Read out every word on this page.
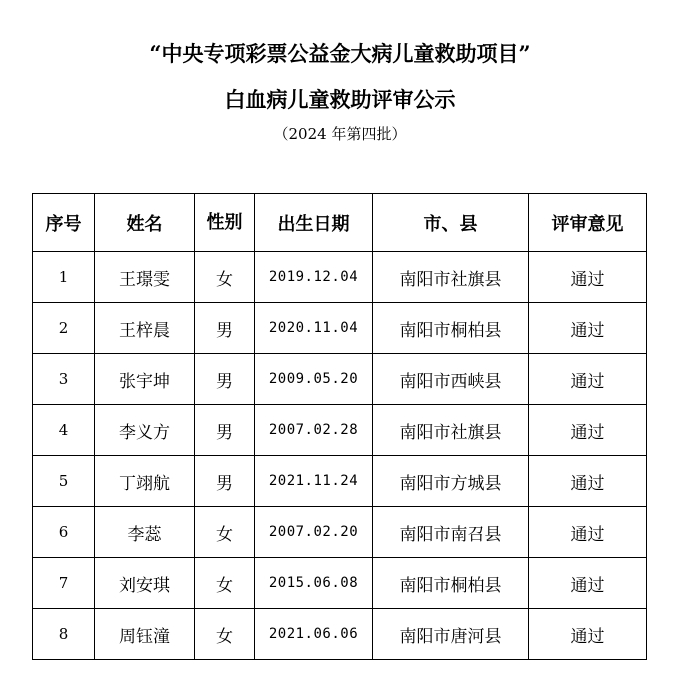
“中央专项彩票公益金大病儿童救助项目”
白血病儿童救助评审公示
（2024 年第四批）
序号	姓名	性别	出生日期	市、县	评审意见
1	王璟雯	女	2019.12.04	南阳市社旗县	通过
2	王梓晨	男	2020.11.04	南阳市桐柏县	通过
3	张宇坤	男	2009.05.20	南阳市西峡县	通过
4	李义方	男	2007.02.28	南阳市社旗县	通过
5	丁翊航	男	2021.11.24	南阳市方城县	通过
6	李蕊	女	2007.02.20	南阳市南召县	通过
7	刘安琪	女	2015.06.08	南阳市桐柏县	通过
8	周钰潼	女	2021.06.06	南阳市唐河县	通过
